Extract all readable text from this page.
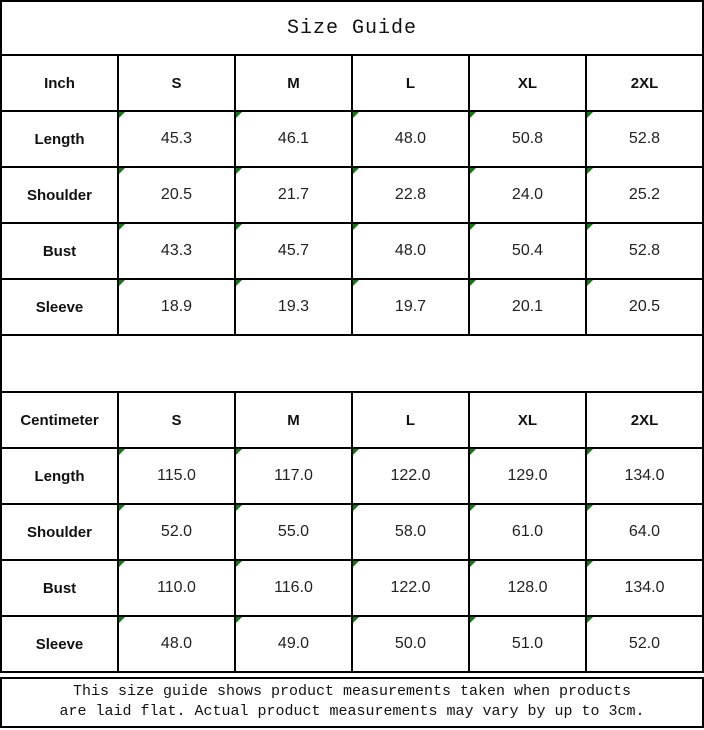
Size Guide					
Inch	S	M	L	XL	2XL
Length	45.3	46.1	48.0	50.8	52.8
Shoulder	20.5	21.7	22.8	24.0	25.2
Bust	43.3	45.7	48.0	50.4	52.8
Sleeve	18.9	19.3	19.7	20.1	20.5

Centimeter	S	M	L	XL	2XL
Length	115.0	117.0	122.0	129.0	134.0
Shoulder	52.0	55.0	58.0	61.0	64.0
Bust	110.0	116.0	122.0	128.0	134.0
Sleeve	48.0	49.0	50.0	51.0	52.0
This size guide shows product measurements taken when products
are laid flat. Actual product measurements may vary by up to 3cm.
